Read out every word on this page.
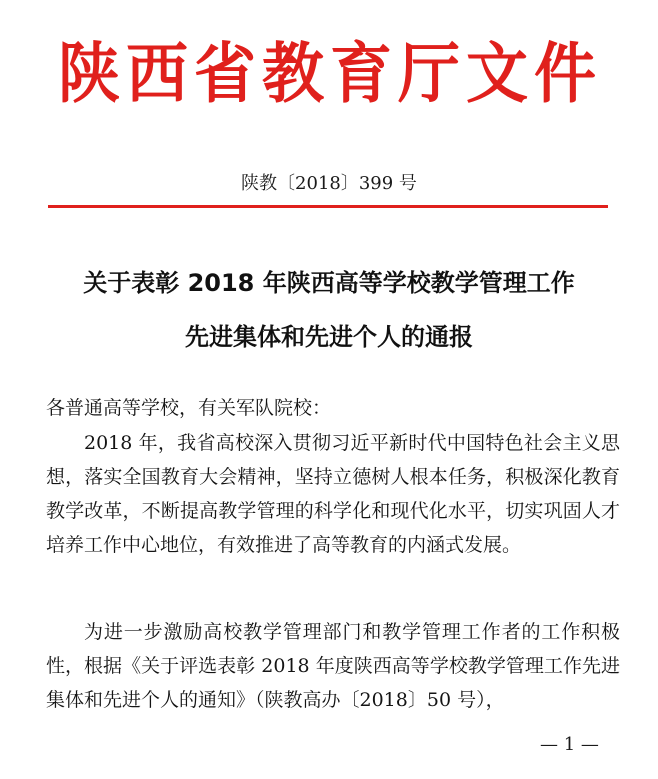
陕西省教育厅文件
陕教〔2018〕399 号
关于表彰 2018 年陕西高等学校教学管理工作
先进集体和先进个人的通报
各普通高等学校，有关军队院校：
2018 年，我省高校深入贯彻习近平新时代中国特色社会主义思想，落实全国教育大会精神，坚持立德树人根本任务，积极深化教育教学改革，不断提高教学管理的科学化和现代化水平，切实巩固人才培养工作中心地位，有效推进了高等教育的内涵式发展。
为进一步激励高校教学管理部门和教学管理工作者的工作积极性，根据《关于评选表彰 2018 年度陕西高等学校教学管理工作先进集体和先进个人的通知》（陕教高办〔2018〕50 号），
— 1 —
